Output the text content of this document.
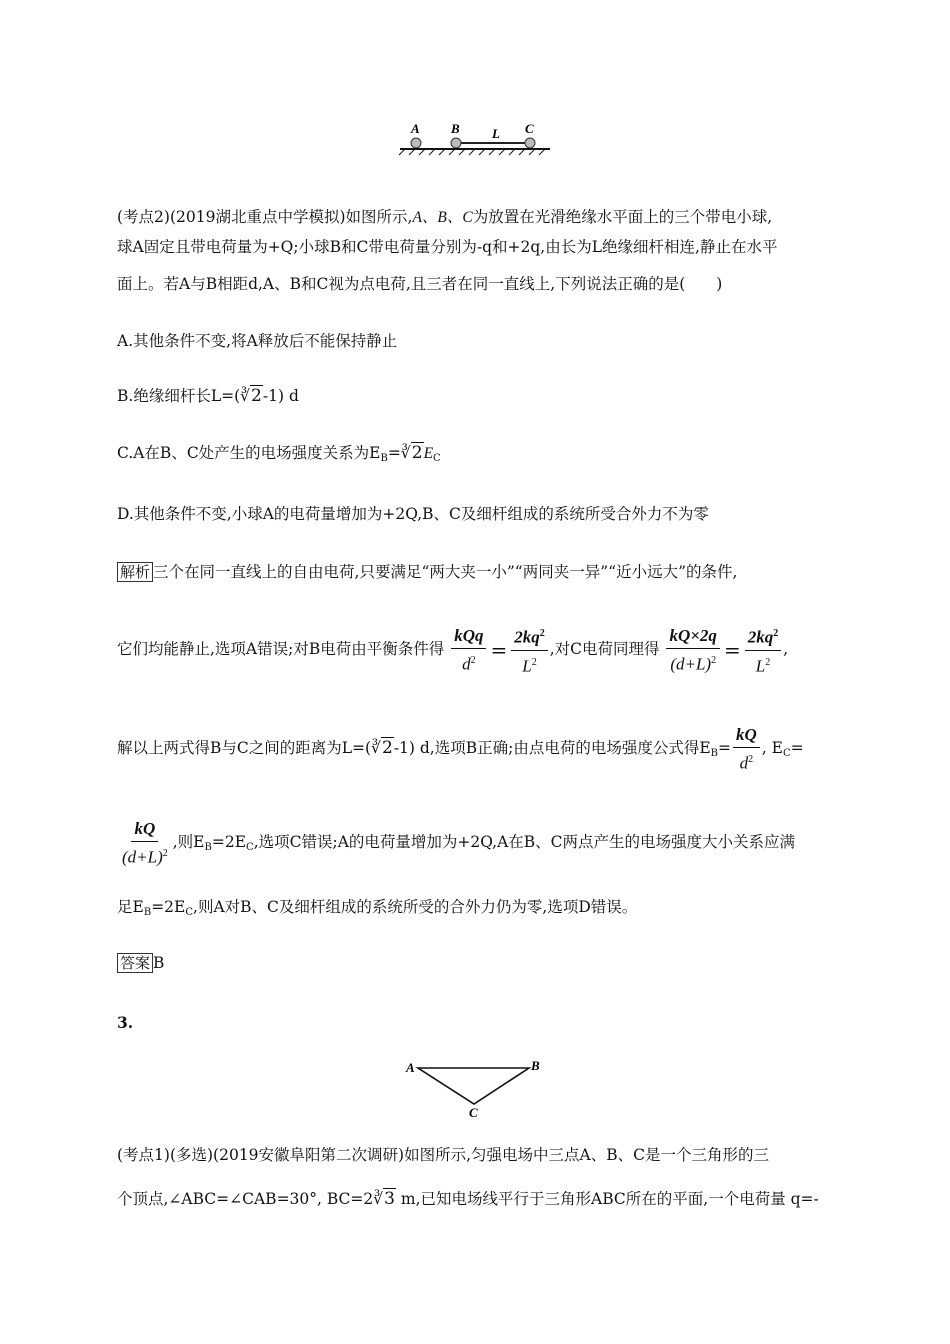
A B L C
(考点2)(2019湖北重点中学模拟)如图所示,A、B、C为放置在光滑绝缘水平面上的三个带电小球,
球A固定且带电荷量为+Q;小球B和C带电荷量分别为-q和+2q,由长为L绝缘细杆相连,静止在水平
面上。若A与B相距d,A、B和C视为点电荷,且三者在同一直线上,下列说法正确的是(　　)
A.其他条件不变,将A释放后不能保持静止
B.绝缘细杆长L=(∛2-1) d
C.A在B、C处产生的电场强度关系为$E_B=∛2E_C$
D.其他条件不变,小球A的电荷量增加为+2Q,B、C及细杆组成的系统所受合外力不为零
解析 三个在同一直线上的自由电荷,只要满足“两大夹一小”“两同夹一异”“近小远大”的条件,
它们均能静止,选项A错误;对B电荷由平衡条件得 $\frac{\text{kQq}}{d^2} = \frac{2kq^2}{L^2}$ ,对C电荷同理得 $\frac{kQ\times 2q}{(d+L)^2} = \frac{2kq^2}{L^2}$ ,
解以上两式得B与C之间的距离为L=(∛2-1) d,选项B正确;由点电荷的电场强度公式得$E_B= \frac{kQ}{d^2}$ , $E_C=$
$\frac{kQ}{(d+L)^2}$ ,则$E_B=2E_C$,选项C错误;A的电荷量增加为+2Q,A在B、C两点产生的电场强度大小关系应满
足$E_B=2E_C$,则A对B、C及细杆组成的系统所受的合外力仍为零,选项D错误。
答案 B
3.
A	B
C
(考点1)(多选)(2019安徽阜阳第二次调研)如图所示,匀强电场中三点A、B、C是一个三角形的三
个顶点,∠ABC=∠CAB=30°, BC=2∛3 m,已知电场线平行于三角形ABC所在的平面,一个电荷量 q=-
